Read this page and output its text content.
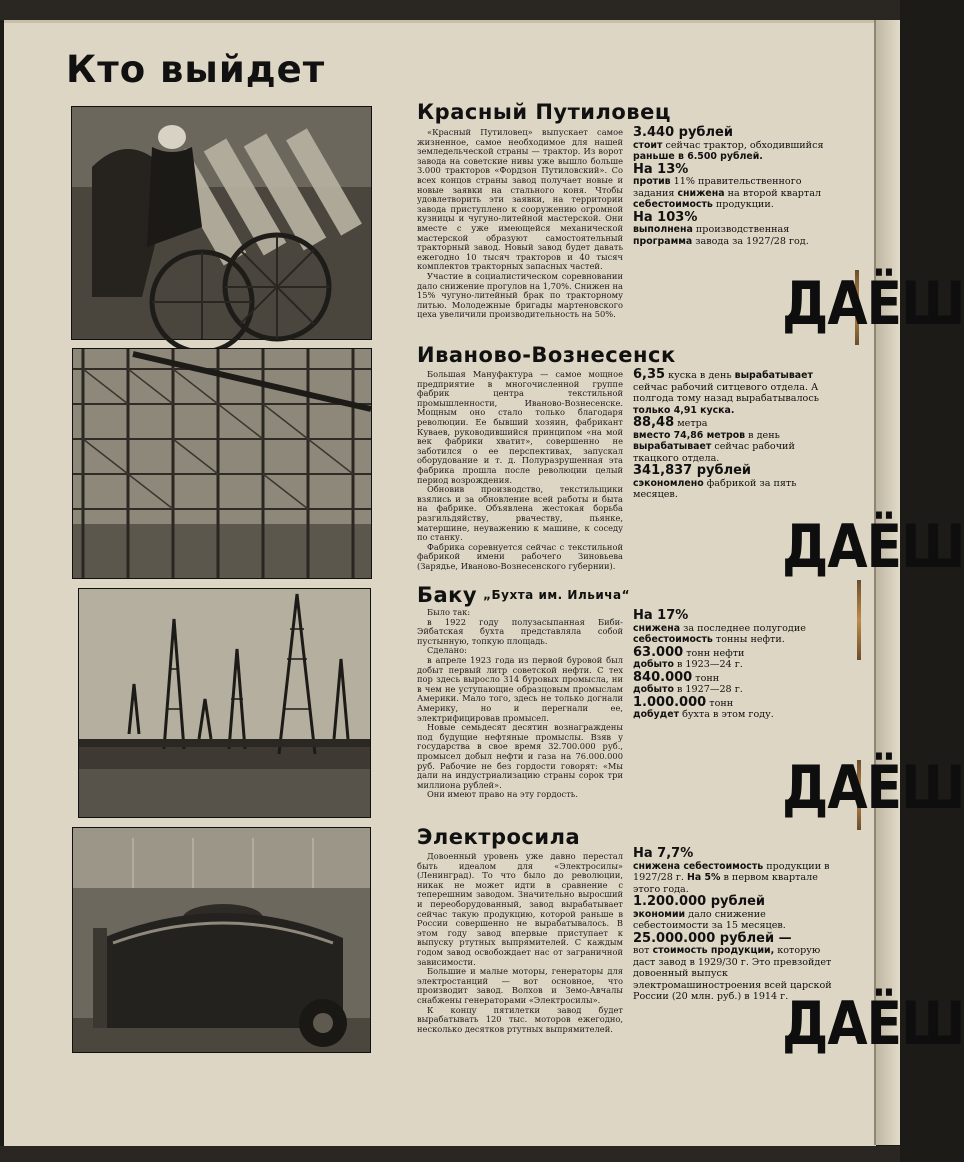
Кто выйдет
Красный Путиловец

«Красный Путиловец» выпускает самое жизненное, самое необходимое для нашей земледельческой страны — трактор. Из ворот завода на советские нивы уже вышло больше 3.000 тракторов «Фордзон Путиловский». Со всех концов страны завод получает новые и новые заявки на стального коня. Чтобы удовлетворить эти заявки, на территории завода приступлено к сооружению огромной кузницы и чугуно-литейной мастерской. Они вместе с уже имеющейся механической мастерской образуют самостоятельный тракторный завод. Новый завод будет давать ежегодно 10 тысяч тракторов и 40 тысяч комплектов тракторных запасных частей.

Участие в социалистическом соревновании дало снижение прогулов на 1,70%. Снижен на 15% чугуно-литейный брак по тракторному литью. Молодежные бригады мартеновского цеха увеличили производительность на 50%.

3.440 рублей
стоит сейчас трактор, обходившийся раньше в 6.500 рублей.

На 13%
против 11% правительственного задания снижена на второй квартал себестоимость продукции.

На 103%
выполнена производственная программа завода за 1927/28 год.

Иваново-Вознесенск

Большая Мануфактура — самое мощное предприятие в многочисленной группе фабрик центра текстильной промышленности, Иваново-Вознесенске. Мощным оно стало только благодаря революции. Ее бывший хозяин, фабрикант Куваев, руководившийся принципом «на мой век фабрики хватит», совершенно не заботился о ее перспективах, запускал оборудование и т. д. Полуразрушенная эта фабрика прошла после революции целый период возрождения.

Обновив производство, текстильщики взялись и за обновление всей работы и быта на фабрике. Объявлена жестокая борьба разгильдяйству, рвачеству, пьянке, матершине, неуважению к машине, к соседу по станку.

Фабрика соревнуется сейчас с текстильной фабрикой имени рабочего Зиновьева (Зарядье, Иваново-Вознесенского губернии).

6,35 куска в день вырабатывает сейчас рабочий ситцевого отдела. А полгода тому назад вырабатывалось только 4,91 куска.

88,48 метра
вместо 74,86 метров в день вырабатывает сейчас рабочий ткацкого отдела.

341,837 рублей
сэкономлено фабрикой за пять месяцев.

Баку $^{„Бухта им. Ильича“}$

Было так:

в 1922 году полузасыпанная Биби-Эйбатская бухта представляла собой пустынную, топкую площадь.

Сделано:

в апреле 1923 года из первой буровой был добыт первый литр советской нефти. С тех пор здесь выросло 314 буровых промысла, ни в чем не уступающие образцовым промыслам Америки. Мало того, здесь не только догнали Америку, но и перегнали ее, электрифицировав промысел.

Новые семьдесят десятин вознаграждены под будущие нефтяные промыслы. Взяв у государства в свое время 32.700.000 руб., промысел добыл нефти и газа на 76.000.000 руб. Рабочие не без гордости говорят: «Мы дали на индустриализацию страны сорок три миллиона рублей».

Они имеют право на эту гордость.

На 17%
снижена за последнее полугодие себестоимость тонны нефти.

63.000 тонн нефти
добыто в 1923—24 г.

840.000 тонн
добыто в 1927—28 г.

1.000.000 тонн
добудет бухта в этом году.

Электросила

Довоенный уровень уже давно перестал быть идеалом для «Электросилы» (Ленинград). То что было до революции, никак не может идти в сравнение с теперешним заводом. Значительно выросший и переоборудованный, завод вырабатывает сейчас такую продукцию, которой раньше в России совершенно не вырабатывалось. В этом году завод впервые приступает к выпуску ртутных выпрямителей. С каждым годом завод освобождает нас от заграничной зависимости.

Большие и малые моторы, генераторы для электростанций — вот основное, что производит завод. Волхов и Земо-Авчалы снабжены генераторами «Электросилы».

К концу пятилетки завод будет вырабатывать 120 тыс. моторов ежегодно, несколько десятков ртутных выпрямителей.

На 7,7%
снижена себестоимость продукции в 1927/28 г. На 5% в первом квартале этого года.

1.200.000 рублей
экономии дало снижение себестоимости за 15 месяцев.

25.000.000 рублей —
вот стоимость продукции, которую даст завод в 1929/30 г. Это превзойдет довоенный выпуск электромашиностроения всей царской России (20 млн. руб.) в 1914 г.

ДАЁШ

ДАЁШ

ДАЁШ

ДАЁШ
